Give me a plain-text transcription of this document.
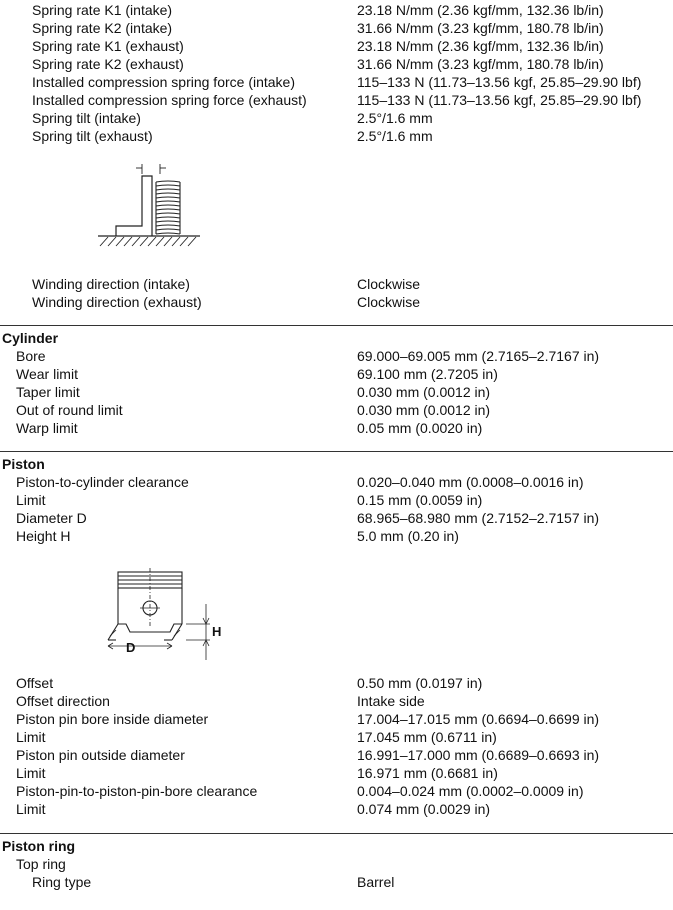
Spring rate K1 (intake)	23.18 N/mm (2.36 kgf/mm, 132.36 lb/in)
Spring rate K2 (intake)	31.66 N/mm (3.23 kgf/mm, 180.78 lb/in)
Spring rate K1 (exhaust)	23.18 N/mm (2.36 kgf/mm, 132.36 lb/in)
Spring rate K2 (exhaust)	31.66 N/mm (3.23 kgf/mm, 180.78 lb/in)
Installed compression spring force (intake)	115–133 N (11.73–13.56 kgf, 25.85–29.90 lbf)
Installed compression spring force (exhaust)	115–133 N (11.73–13.56 kgf, 25.85–29.90 lbf)
Spring tilt (intake)	2.5°/1.6 mm
Spring tilt (exhaust)	2.5°/1.6 mm
Winding direction (intake)	Clockwise
Winding direction (exhaust)	Clockwise
Cylinder
Bore	69.000–69.005 mm (2.7165–2.7167 in)
Wear limit	69.100 mm (2.7205 in)
Taper limit	0.030 mm (0.0012 in)
Out of round limit	0.030 mm (0.0012 in)
Warp limit	0.05 mm (0.0020 in)
Piston
Piston-to-cylinder clearance	0.020–0.040 mm (0.0008–0.0016 in)
Limit	0.15 mm (0.0059 in)
Diameter D	68.965–68.980 mm (2.7152–2.7157 in)
Height H	5.0 mm (0.20 in)
H
D
Offset	0.50 mm (0.0197 in)
Offset direction	Intake side
Piston pin bore inside diameter	17.004–17.015 mm (0.6694–0.6699 in)
Limit	17.045 mm (0.6711 in)
Piston pin outside diameter	16.991–17.000 mm (0.6689–0.6693 in)
Limit	16.971 mm (0.6681 in)
Piston-pin-to-piston-pin-bore clearance	0.004–0.024 mm (0.0002–0.0009 in)
Limit	0.074 mm (0.0029 in)
Piston ring
Top ring
Ring type	Barrel
